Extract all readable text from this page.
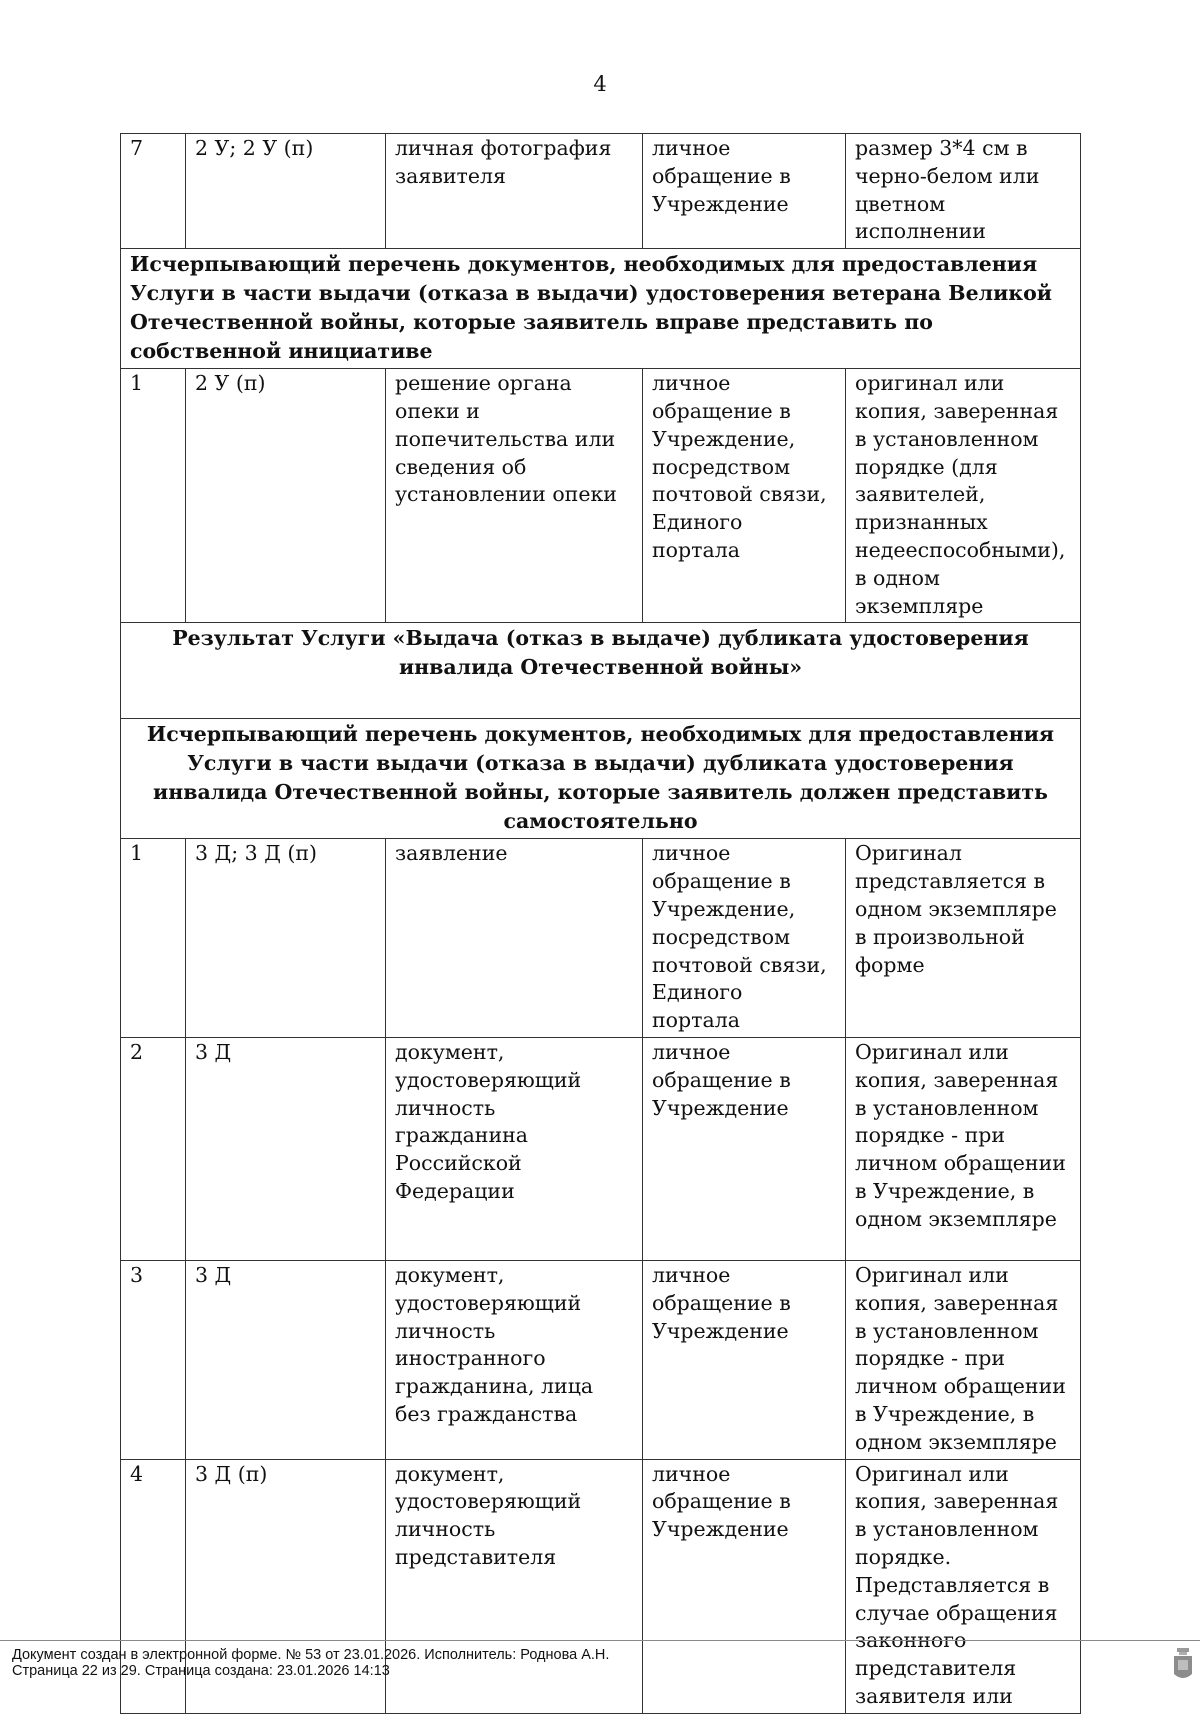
4
7	2 У; 2 У (п)	личная фотография заявителя	личное обращение в Учреждение	размер 3*4 см в черно-белом или цветном исполнении
Исчерпывающий перечень документов, необходимых для предоставления Услуги в части выдачи (отказа в выдачи) удостоверения ветерана Великой Отечественной войны, которые заявитель вправе представить по собственной инициативе				
1	2 У (п)	решение органа опеки и попечительства или сведения об установлении опеки	личное обращение в Учреждение, посредством почтовой связи, Единого портала	оригинал или копия, заверенная в установленном порядке (для заявителей, признанных недееспособными), в одном экземпляре
Результат Услуги «Выдача (отказ в выдаче) дубликата удостоверения инвалида Отечественной войны»				
Исчерпывающий перечень документов, необходимых для предоставления Услуги в части выдачи (отказа в выдачи) дубликата удостоверения инвалида Отечественной войны, которые заявитель должен представить самостоятельно				
1	3 Д; 3 Д (п)	заявление	личное обращение в Учреждение, посредством почтовой связи, Единого портала	Оригинал представляется в одном экземпляре в произвольной форме
2	3 Д	документ, удостоверяющий личность гражданина Российской Федерации	личное обращение в Учреждение	Оригинал или копия, заверенная в установленном порядке - при личном обращении в Учреждение, в одном экземпляре
3	3 Д	документ, удостоверяющий личность иностранного гражданина, лица без гражданства	личное обращение в Учреждение	Оригинал или копия, заверенная в установленном порядке - при личном обращении в Учреждение, в одном экземпляре
4	3 Д (п)	документ, удостоверяющий личность представителя	личное обращение в Учреждение	Оригинал или копия, заверенная в установленном порядке. Представляется в случае обращения законного представителя заявителя или
Документ создан в электронной форме. № 53 от 23.01.2026. Исполнитель: Роднова А.Н.
Страница 22 из 29. Страница создана: 23.01.2026 14:13
